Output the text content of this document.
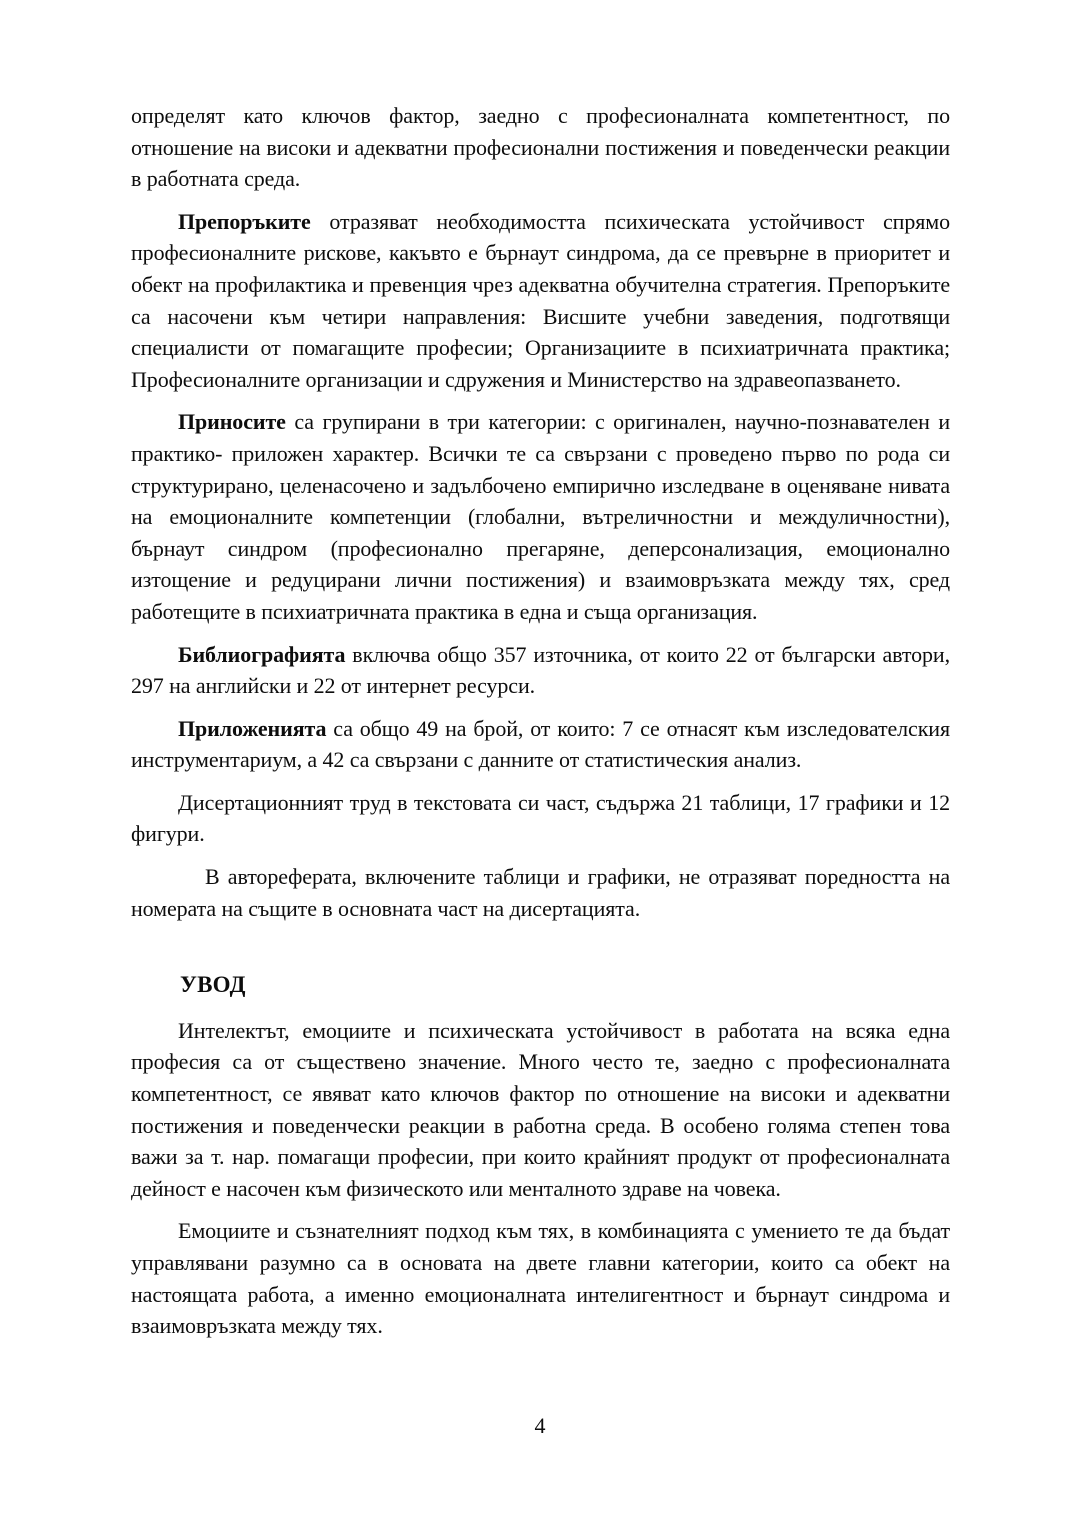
определят като ключов фактор, заедно с професионалната компетентност, по отношение на високи и адекватни професионални постижения и поведенчески реакции в работната среда.

Препоръките отразяват необходимостта психическата устойчивост спрямо професионалните рискове, какъвто е бърнаут синдрома, да се превърне в приоритет и обект на профилактика и превенция чрез адекватна обучителна стратегия. Препоръките са насочени към четири направления: Висшите учебни заведения, подготвящи специалисти от помагащите професии; Организациите в психиатричната практика; Професионалните организации и сдружения и Министерство на здравеопазването.

Приносите са групирани в три категории: с оригинален, научно-познавателен и практико- приложен характер. Всички те са свързани с проведено първо по рода си структурирано, целенасочено и задълбочено емпирично изследване в оценяване нивата на емоционалните компетенции (глобални, вътреличностни и междуличностни), бърнаут синдром (професионално прегаряне, деперсонализация, емоционално изтощение и редуцирани лични постижения) и взаимовръзката между тях, сред работещите в психиатричната практика в една и съща организация.

Библиографията включва общо 357 източника, от които 22 от български автори, 297 на английски и 22 от интернет ресурси.

Приложенията са общо 49 на брой, от които: 7 се отнасят към изследователския инструментариум, а 42 са свързани с данните от статистическия анализ.

Дисертационният труд в текстовата си част, съдържа 21 таблици, 17 графики и 12 фигури.

В автореферата, включените таблици и графики, не отразяват поредността на номерата на същите в основната част на дисертацията.

УВОД

Интелектът, емоциите и психическата устойчивост в работата на всяка една професия са от съществено значение. Много често те, заедно с професионалната компетентност, се явяват като ключов фактор по отношение на високи и адекватни постижения и поведенчески реакции в работна среда. В особено голяма степен това важи за т. нар. помагащи професии, при които крайният продукт от професионалната дейност е насочен към физическото или менталното здраве на човека.

Емоциите и съзнателният подход към тях, в комбинацията с умението те да бъдат управлявани разумно са в основата на двете главни категории, които са обект на настоящата работа, а именно емоционалната интелигентност и бърнаут синдрома и взаимовръзката между тях.

4
